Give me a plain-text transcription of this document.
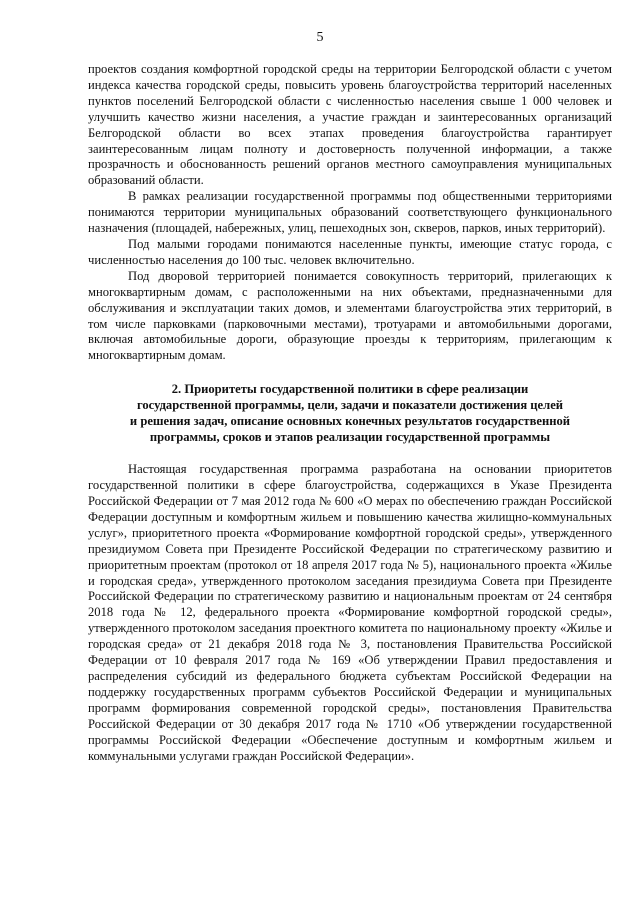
5

проектов создания комфортной городской среды на территории Белгородской области с учетом индекса качества городской среды, повысить уровень благоустройства территорий населенных пунктов поселений Белгородской области с численностью населения свыше 1 000 человек и улучшить качество жизни населения, а участие граждан и заинтересованных организаций Белгородской области во всех этапах проведения благоустройства гарантирует заинтересованным лицам полноту и достоверность полученной информации, а также прозрачность и обоснованность решений органов местного самоуправления муниципальных образований области.

В рамках реализации государственной программы под общественными территориями понимаются территории муниципальных образований соответствующего функционального назначения (площадей, набережных, улиц, пешеходных зон, скверов, парков, иных территорий).

Под малыми городами понимаются населенные пункты, имеющие статус города, с численностью населения до 100 тыс. человек включительно.

Под дворовой территорией понимается совокупность территорий, прилегающих к многоквартирным домам, с расположенными на них объектами, предназначенными для обслуживания и эксплуатации таких домов, и элементами благоустройства этих территорий, в том числе парковками (парковочными местами), тротуарами и автомобильными дорогами, включая автомобильные дороги, образующие проезды к территориям, прилегающим к многоквартирным домам.

2. Приоритеты государственной политики в сфере реализации
государственной программы, цели, задачи и показатели достижения целей
и решения задач, описание основных конечных результатов государственной
программы, сроков и этапов реализации государственной программы

Настоящая государственная программа разработана на основании приоритетов государственной политики в сфере благоустройства, содержащихся в Указе Президента Российской Федерации от 7 мая 2012 года № 600 «О мерах по обеспечению граждан Российской Федерации доступным и комфортным жильем и повышению качества жилищно-коммунальных услуг», приоритетного проекта «Формирование комфортной городской среды», утвержденного президиумом Совета при Президенте Российской Федерации по стратегическому развитию и приоритетным проектам (протокол от 18 апреля 2017 года № 5), национального проекта «Жилье и городская среда», утвержденного протоколом заседания президиума Совета при Президенте Российской Федерации по стратегическому развитию и национальным проектам от 24 сентября 2018 года № 12, федерального проекта «Формирование комфортной городской среды», утвержденного протоколом заседания проектного комитета по национальному проекту «Жилье и городская среда» от 21 декабря 2018 года № 3, постановления Правительства Российской Федерации от 10 февраля 2017 года № 169 «Об утверждении Правил предоставления и распределения субсидий из федерального бюджета субъектам Российской Федерации на поддержку государственных программ субъектов Российской Федерации и муниципальных программ формирования современной городской среды», постановления Правительства Российской Федерации от 30 декабря 2017 года № 1710 «Об утверждении государственной программы Российской Федерации «Обеспечение доступным и комфортным жильем и коммунальными услугами граждан Российской Федерации».
